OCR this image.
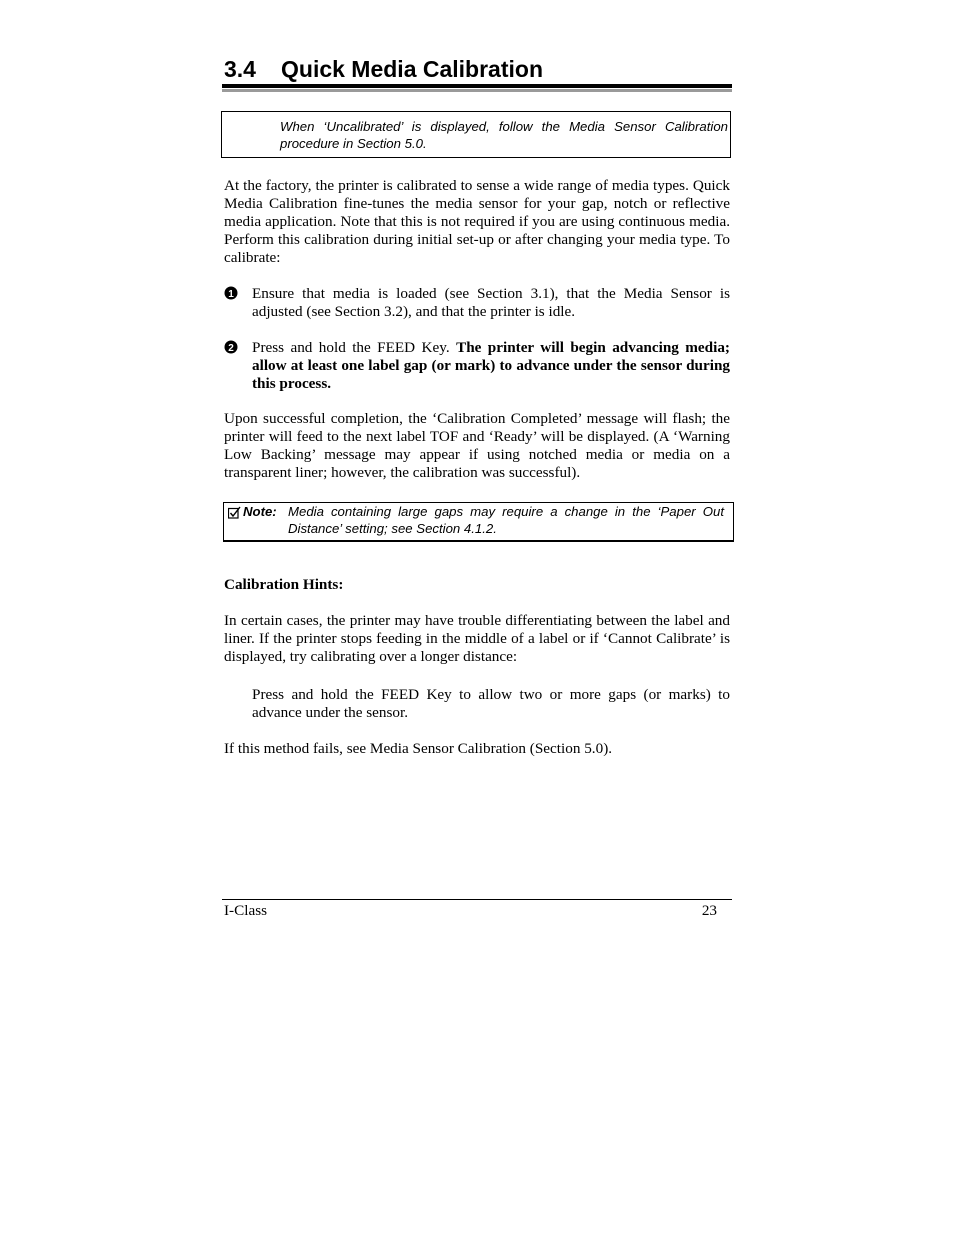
3.4 Quick Media Calibration

When ‘Uncalibrated’ is displayed, follow the Media Sensor Calibration procedure in Section 5.0.

At the factory, the printer is calibrated to sense a wide range of media types. Quick Media Calibration fine-tunes the media sensor for your gap, notch or reflective media application. Note that this is not required if you are using continuous media. Perform this calibration during initial set-up or after changing your media type. To calibrate:

1 Ensure that media is loaded (see Section 3.1), that the Media Sensor is adjusted (see Section 3.2), and that the printer is idle.

2 Press and hold the FEED Key. The printer will begin advancing media; allow at least one label gap (or mark) to advance under the sensor during this process.

Upon successful completion, the ‘Calibration Completed’ message will flash; the printer will feed to the next label TOF and ‘Ready’ will be displayed. (A ‘Warning Low Backing’ message may appear if using notched media or media on a transparent liner; however, the calibration was successful).

Note: Media containing large gaps may require a change in the ‘Paper Out Distance’ setting; see Section 4.1.2.

Calibration Hints:

In certain cases, the printer may have trouble differentiating between the label and liner. If the printer stops feeding in the middle of a label or if ‘Cannot Calibrate’ is displayed, try calibrating over a longer distance:

Press and hold the FEED Key to allow two or more gaps (or marks) to advance under the sensor.

If this method fails, see Media Sensor Calibration (Section 5.0).

I-Class	23
